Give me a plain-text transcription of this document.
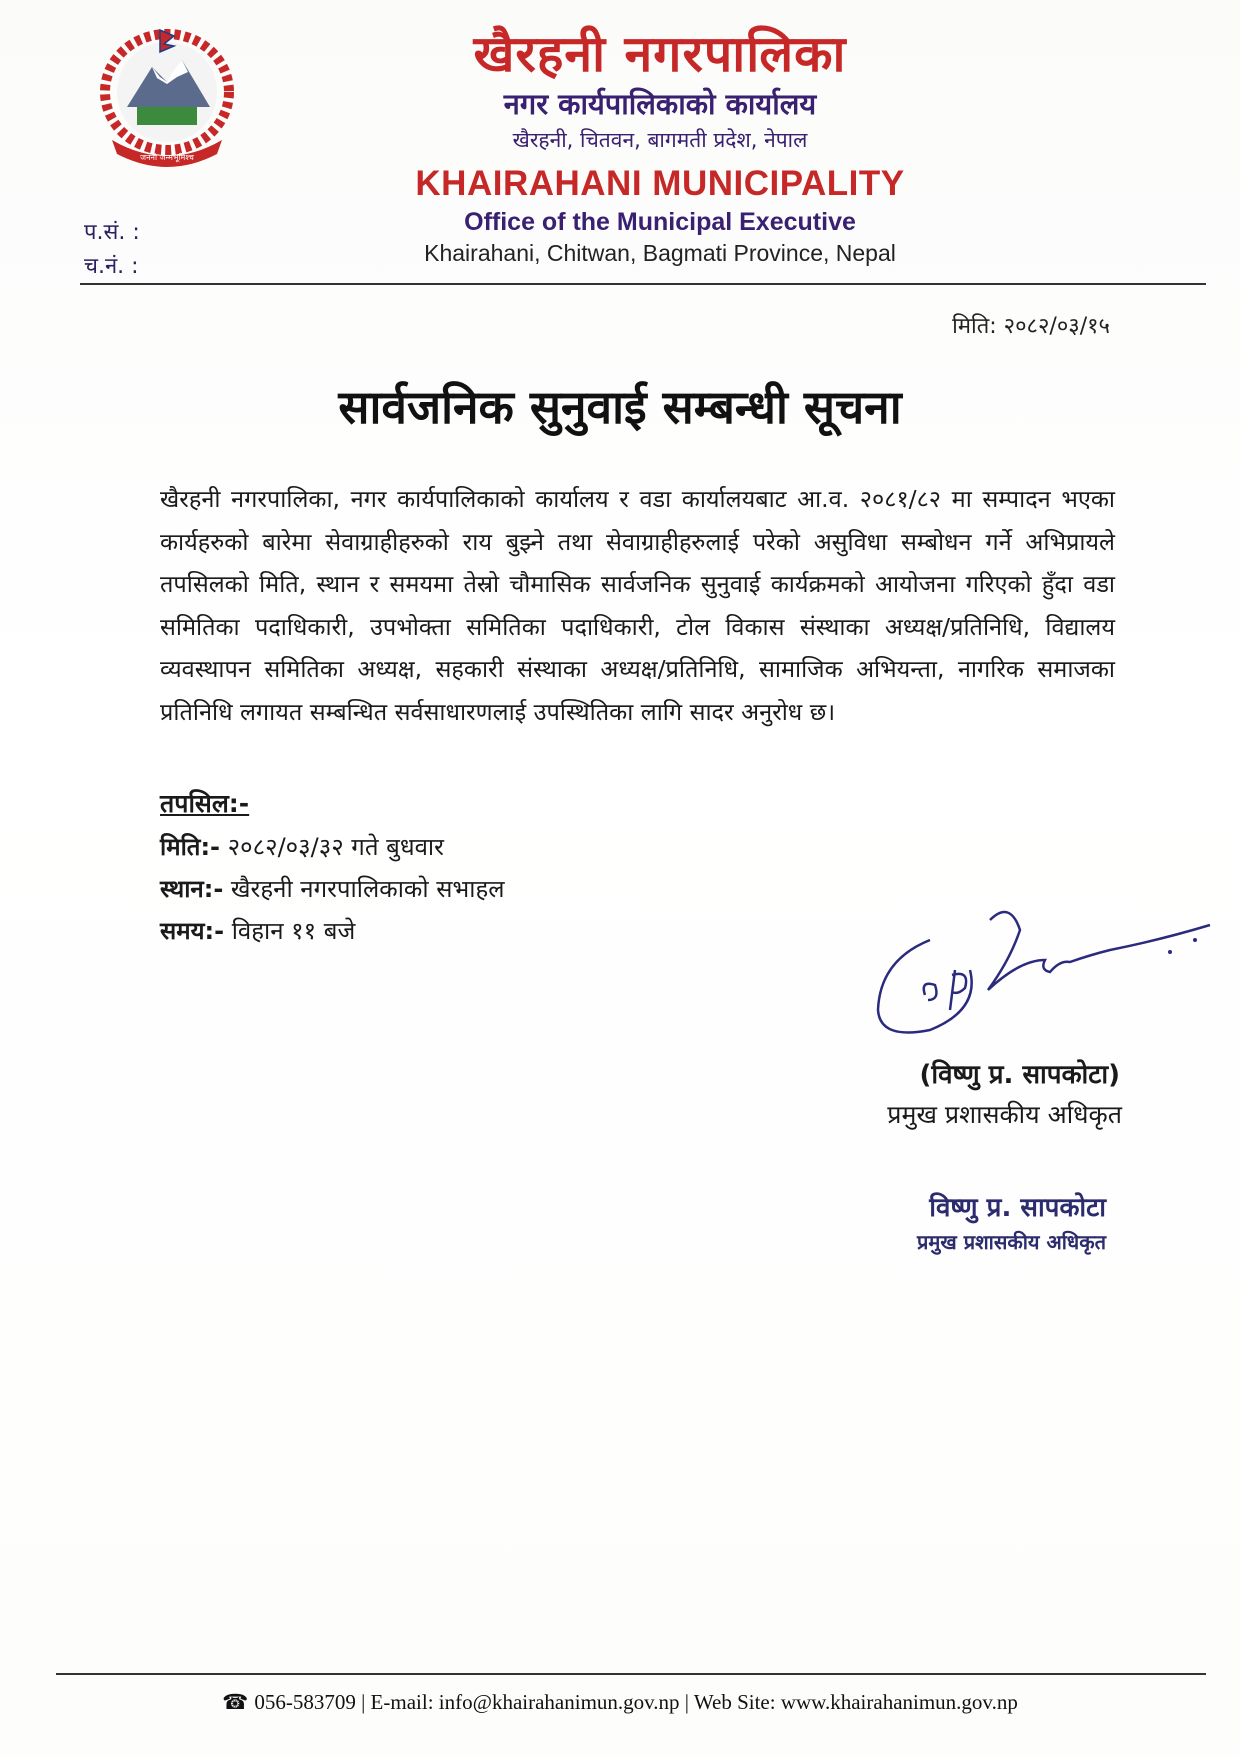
जननी जन्मभूमिश्च
खैरहनी नगरपालिका
नगर कार्यपालिकाको कार्यालय
खैरहनी, चितवन, बागमती प्रदेश, नेपाल
KHAIRAHANI MUNICIPALITY
Office of the Municipal Executive
Khairahani, Chitwan, Bagmati Province, Nepal
प.सं. :
च.नं. :
मिति: २०८२/०३/१५
सार्वजनिक सुनुवाई सम्बन्धी सूचना
खैरहनी नगरपालिका, नगर कार्यपालिकाको कार्यालय र वडा कार्यालयबाट आ.व. २०८१/८२ मा सम्पादन भएका कार्यहरुको बारेमा सेवाग्राहीहरुको राय बुझ्ने तथा सेवाग्राहीहरुलाई परेको असुविधा सम्बोधन गर्ने अभिप्रायले तपसिलको मिति, स्थान र समयमा तेस्रो चौमासिक सार्वजनिक सुनुवाई कार्यक्रमको आयोजना गरिएको हुँदा वडा समितिका पदाधिकारी, उपभोक्ता समितिका पदाधिकारी, टोल विकास संस्थाका अध्यक्ष/प्रतिनिधि, विद्यालय व्यवस्थापन समितिका अध्यक्ष, सहकारी संस्थाका अध्यक्ष/प्रतिनिधि, सामाजिक अभियन्ता, नागरिक समाजका प्रतिनिधि लगायत सम्बन्धित सर्वसाधारणलाई उपस्थितिका लागि सादर अनुरोध छ।
तपसिल:-
मिति:- २०८२/०३/३२ गते बुधवार
स्थान:- खैरहनी नगरपालिकाको सभाहल
समय:- विहान ११ बजे
(विष्णु प्र. सापकोटा)
प्रमुख प्रशासकीय अधिकृत
विष्णु प्र. सापकोटा
प्रमुख प्रशासकीय अधिकृत
☎ 056-583709 | E-mail: info@khairahanimun.gov.np | Web Site: www.khairahanimun.gov.np
